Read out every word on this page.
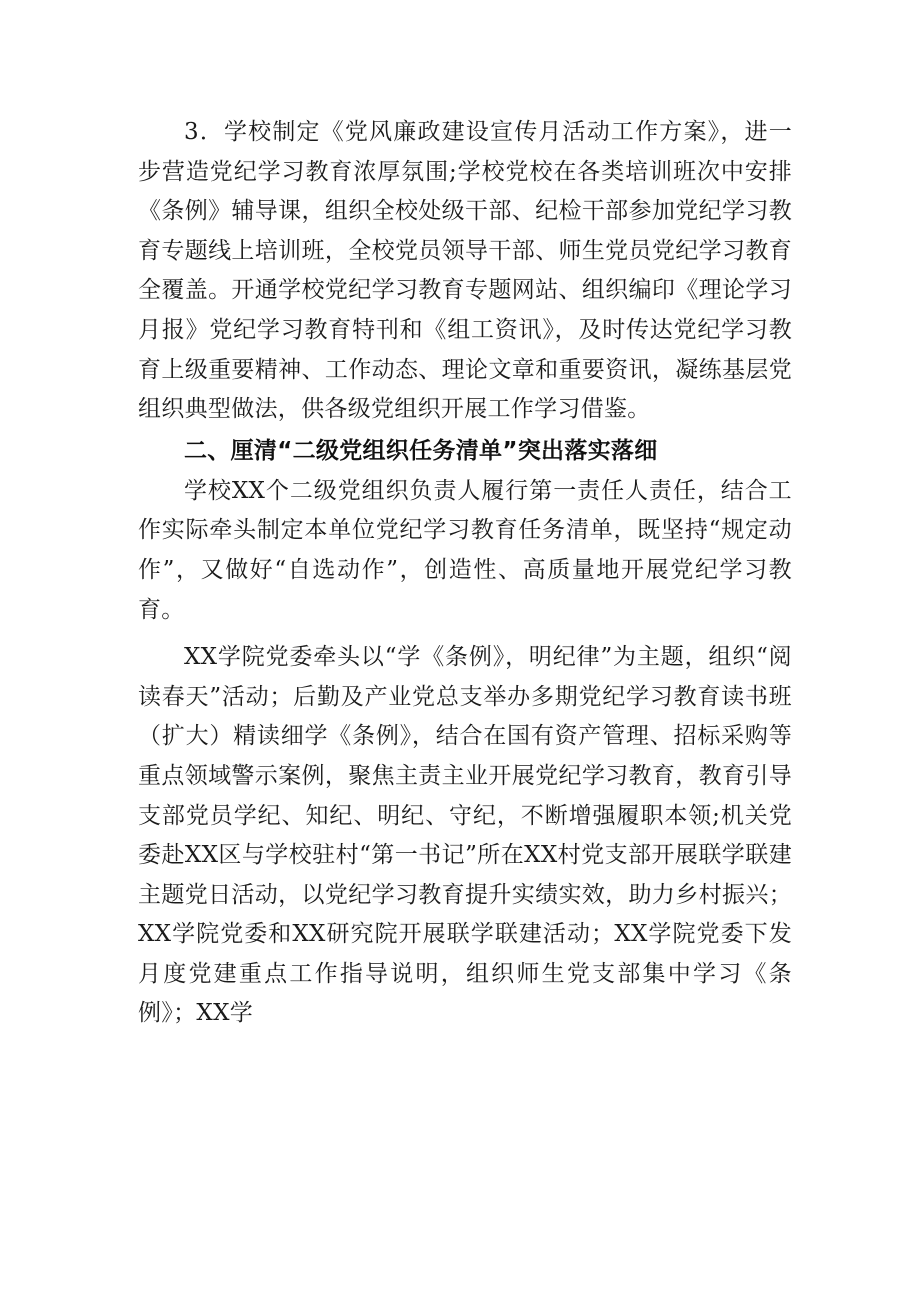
3．学校制定《党风廉政建设宣传月活动工作方案》，进一步营造党纪学习教育浓厚氛围;学校党校在各类培训班次中安排《条例》辅导课，组织全校处级干部、纪检干部参加党纪学习教育专题线上培训班，全校党员领导干部、师生党员党纪学习教育全覆盖。开通学校党纪学习教育专题网站、组织编印《理论学习月报》党纪学习教育特刊和《组工资讯》，及时传达党纪学习教育上级重要精神、工作动态、理论文章和重要资讯，凝练基层党组织典型做法，供各级党组织开展工作学习借鉴。

二、厘清“二级党组织任务清单”突出落实落细

学校XX个二级党组织负责人履行第一责任人责任，结合工作实际牵头制定本单位党纪学习教育任务清单，既坚持“规定动作”，又做好“自选动作”，创造性、高质量地开展党纪学习教育。

XX学院党委牵头以“学《条例》，明纪律”为主题，组织“阅读春天”活动；后勤及产业党总支举办多期党纪学习教育读书班（扩大）精读细学《条例》，结合在国有资产管理、招标采购等重点领域警示案例，聚焦主责主业开展党纪学习教育，教育引导支部党员学纪、知纪、明纪、守纪，不断增强履职本领;机关党委赴XX区与学校驻村“第一书记”所在XX村党支部开展联学联建主题党日活动，以党纪学习教育提升实绩实效，助力乡村振兴；XX学院党委和XX研究院开展联学联建活动；XX学院党委下发月度党建重点工作指导说明，组织师生党支部集中学习《条例》；XX学
